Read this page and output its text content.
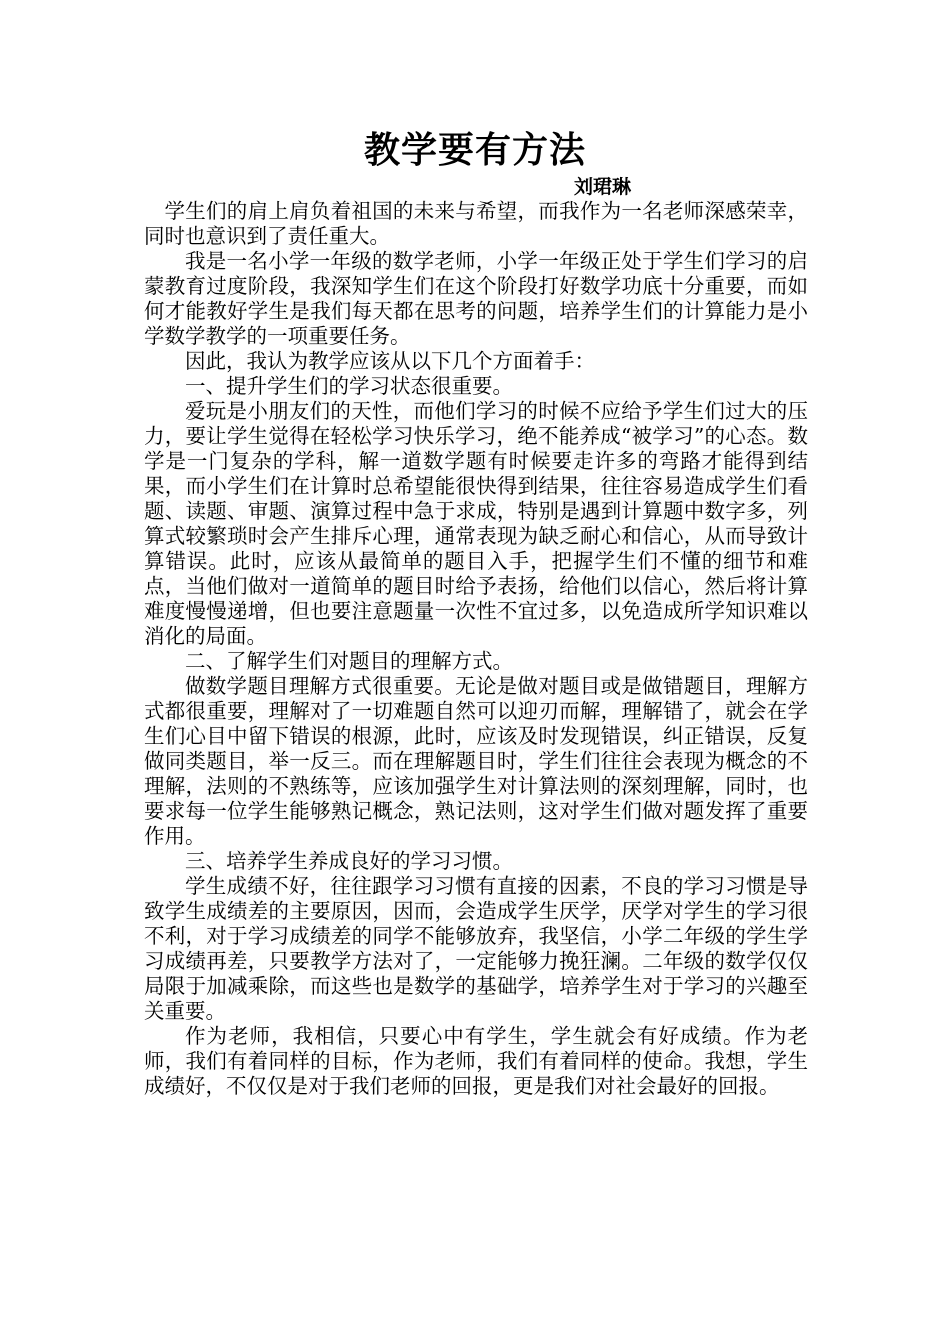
教学要有方法
刘珺琳

学生们的肩上肩负着祖国的未来与希望，而我作为一名老师深感荣幸，同时也意识到了责任重大。

我是一名小学一年级的数学老师，小学一年级正处于学生们学习的启蒙教育过度阶段，我深知学生们在这个阶段打好数学功底十分重要，而如何才能教好学生是我们每天都在思考的问题，培养学生们的计算能力是小学数学教学的一项重要任务。

因此，我认为教学应该从以下几个方面着手：

一、提升学生们的学习状态很重要。

爱玩是小朋友们的天性，而他们学习的时候不应给予学生们过大的压力，要让学生觉得在轻松学习快乐学习，绝不能养成“被学习”的心态。数学是一门复杂的学科，解一道数学题有时候要走许多的弯路才能得到结果，而小学生们在计算时总希望能很快得到结果，往往容易造成学生们看题、读题、审题、演算过程中急于求成，特别是遇到计算题中数字多，列算式较繁琐时会产生排斥心理，通常表现为缺乏耐心和信心，从而导致计算错误。此时，应该从最简单的题目入手，把握学生们不懂的细节和难点，当他们做对一道简单的题目时给予表扬，给他们以信心，然后将计算难度慢慢递增，但也要注意题量一次性不宜过多，以免造成所学知识难以消化的局面。

二、了解学生们对题目的理解方式。

做数学题目理解方式很重要。无论是做对题目或是做错题目，理解方式都很重要，理解对了一切难题自然可以迎刃而解，理解错了，就会在学生们心目中留下错误的根源，此时，应该及时发现错误，纠正错误，反复做同类题目，举一反三。而在理解题目时，学生们往往会表现为概念的不理解，法则的不熟练等，应该加强学生对计算法则的深刻理解，同时，也要求每一位学生能够熟记概念，熟记法则，这对学生们做对题发挥了重要作用。

三、培养学生养成良好的学习习惯。

学生成绩不好，往往跟学习习惯有直接的因素，不良的学习习惯是导致学生成绩差的主要原因，因而，会造成学生厌学，厌学对学生的学习很不利，对于学习成绩差的同学不能够放弃，我坚信，小学二年级的学生学习成绩再差，只要教学方法对了，一定能够力挽狂澜。二年级的数学仅仅局限于加减乘除，而这些也是数学的基础学，培养学生对于学习的兴趣至关重要。

作为老师，我相信，只要心中有学生，学生就会有好成绩。作为老师，我们有着同样的目标，作为老师，我们有着同样的使命。我想，学生成绩好，不仅仅是对于我们老师的回报，更是我们对社会最好的回报。
